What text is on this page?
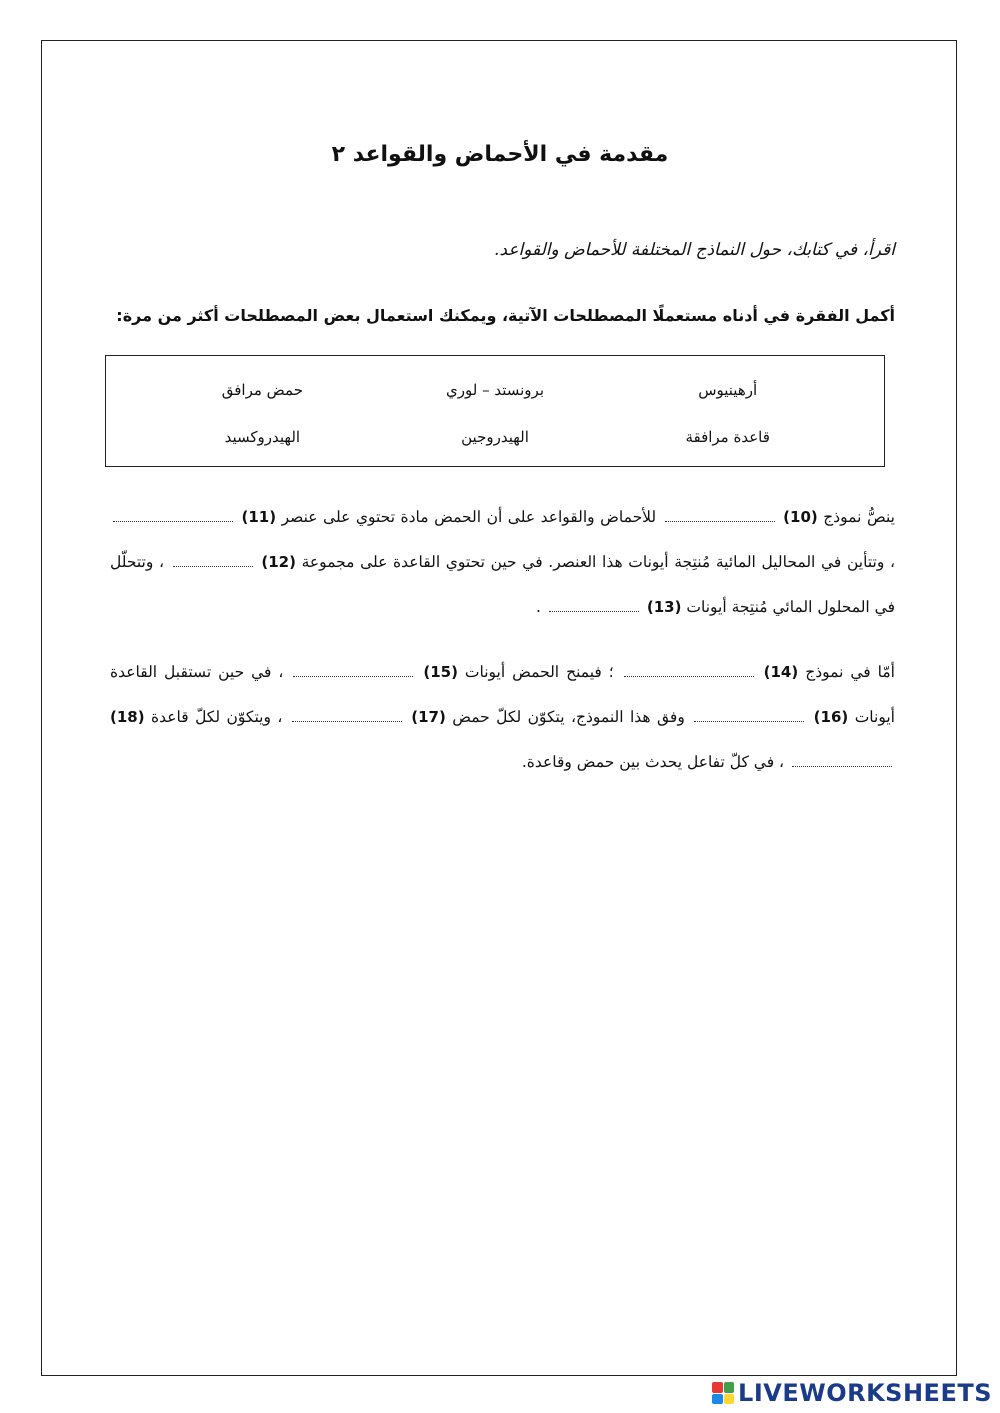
مقدمة في الأحماض والقواعد ٢
اقرأ، في كتابك، حول النماذج المختلفة للأحماض والقواعد.
أكمل الفقرة في أدناه مستعملًا المصطلحات الآتية، ويمكنك استعمال بعض المصطلحات أكثر من مرة:
أرهينيوس
برونستد – لوري
حمض مرافق
قاعدة مرافقة
الهيدروجين
الهيدروكسيد
ينصُّ نموذج (10)  للأحماض والقواعد على أن الحمض مادة تحتوي على عنصر (11)  ، وتتأين في المحاليل المائية مُنتِجة أيونات هذا العنصر. في حين تحتوي القاعدة على مجموعة (12)  ، وتتحلّل في المحلول المائي مُنتِجة أيونات (13)  .
أمّا في نموذج (14)  ؛ فيمنح الحمض أيونات (15)  ، في حين تستقبل القاعدة أيونات (16)  وفق هذا النموذج، يتكوّن لكلّ حمض (17)  ، ويتكوّن لكلّ قاعدة (18)  ، في كلّ تفاعل يحدث بين حمض وقاعدة.
LIVEWORKSHEETS
